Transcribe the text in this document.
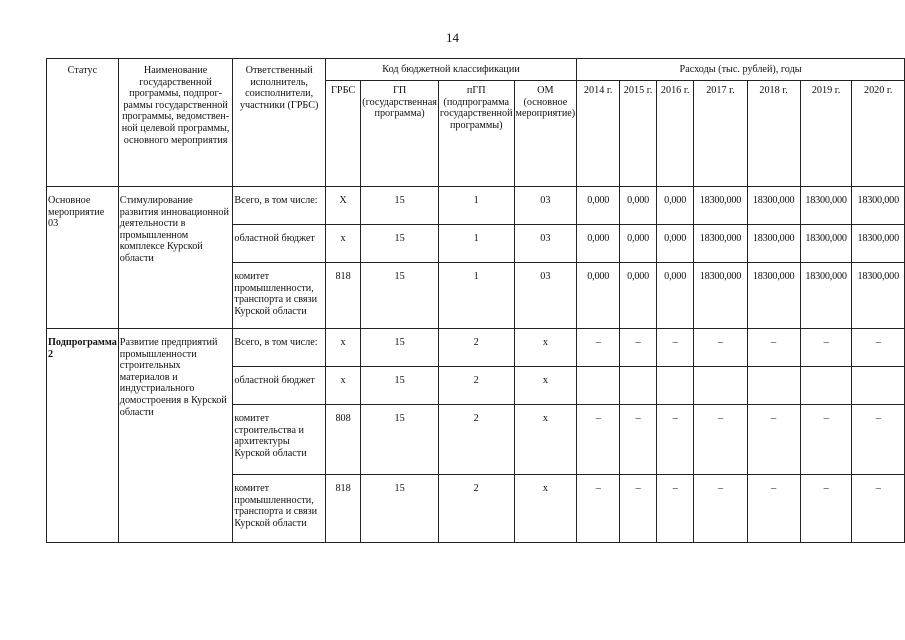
14
Статус	Наименование государственной программы, подпрог-раммы государственной программы, ведомствен-ной целевой программы, основного мероприятия	Ответственный исполнитель, соисполнители, участники (ГРБС)	Код бюджетной классификации				Расходы (тыс. рублей), годы						
			ГРБС	ГП (государственная программа)	пГП (подпрограмма государственной программы)	ОМ (основное мероприятие)	2014 г.	2015 г.	2016 г.	2017 г.	2018 г.	2019 г.	2020 г.
Основное мероприятие 03	Стимулирование развития инновационной деятельности в промышленном комплексе Курской области	Всего, в том числе:	Х	15	1	03	0,000	0,000	0,000	18300,000	18300,000	18300,000	18300,000
		областной бюджет	х	15	1	03	0,000	0,000	0,000	18300,000	18300,000	18300,000	18300,000
		комитет промышленности, транспорта и связи Курской области	818	15	1	03	0,000	0,000	0,000	18300,000	18300,000	18300,000	18300,000
Подпрограмма 2	Развитие предприятий промышленности строительных материалов и индустриального домостроения в Курской области	Всего, в том числе:	х	15	2	х	–	–	–	–	–	–	–
		областной бюджет	х	15	2	х							
		комитет строительства и архитектуры Курской области	808	15	2	х	–	–	–	–	–	–	–
		комитет промышленности, транспорта и связи Курской области	818	15	2	х	–	–	–	–	–	–	–
